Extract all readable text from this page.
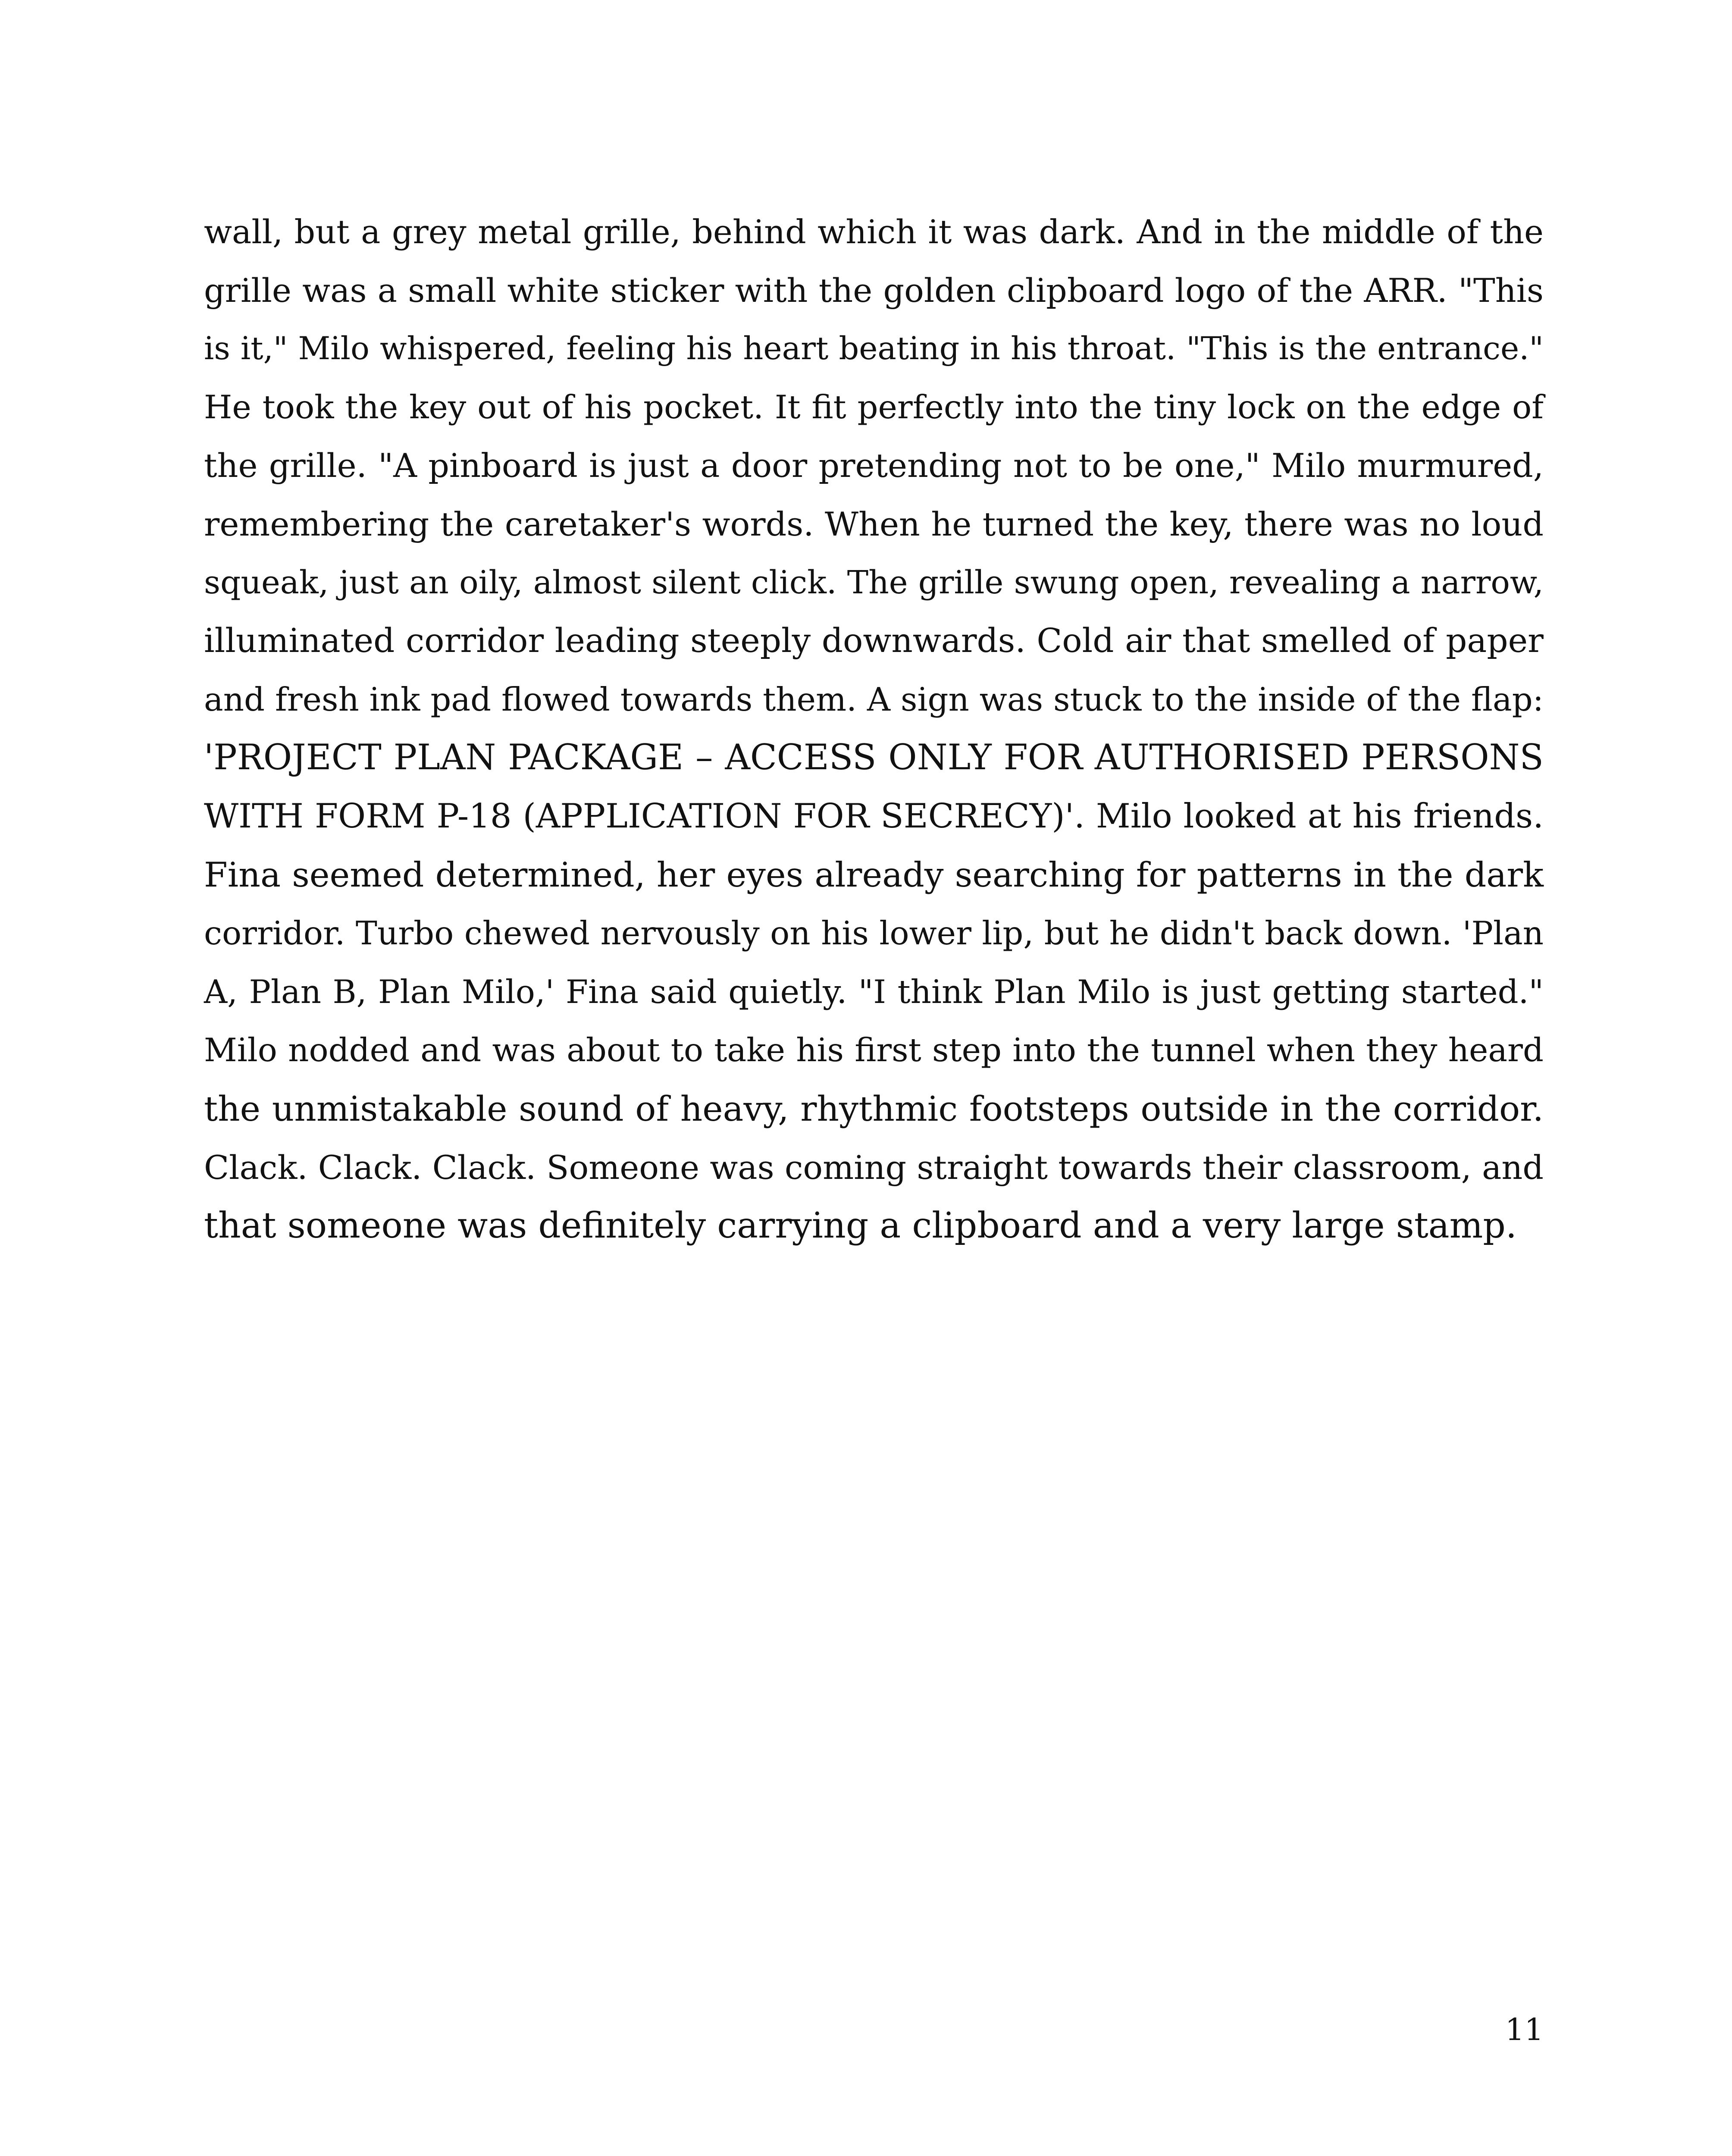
wall, but a grey metal grille, behind which it was dark. And in the middle of the
grille was a small white sticker with the golden clipboard logo of the ARR. "This
is it," Milo whispered, feeling his heart beating in his throat. "This is the entrance."
He took the key out of his pocket. It fit perfectly into the tiny lock on the edge of
the grille. "A pinboard is just a door pretending not to be one," Milo murmured,
remembering the caretaker's words. When he turned the key, there was no loud
squeak, just an oily, almost silent click. The grille swung open, revealing a narrow,
illuminated corridor leading steeply downwards. Cold air that smelled of paper
and fresh ink pad flowed towards them. A sign was stuck to the inside of the flap:
'PROJECT PLAN PACKAGE – ACCESS ONLY FOR AUTHORISED PERSONS
WITH FORM P-18 (APPLICATION FOR SECRECY)'. Milo looked at his friends.
Fina seemed determined, her eyes already searching for patterns in the dark
corridor. Turbo chewed nervously on his lower lip, but he didn't back down. 'Plan
A, Plan B, Plan Milo,' Fina said quietly. "I think Plan Milo is just getting started."
Milo nodded and was about to take his first step into the tunnel when they heard
the unmistakable sound of heavy, rhythmic footsteps outside in the corridor.
Clack. Clack. Clack. Someone was coming straight towards their classroom, and
that someone was definitely carrying a clipboard and a very large stamp.
11
